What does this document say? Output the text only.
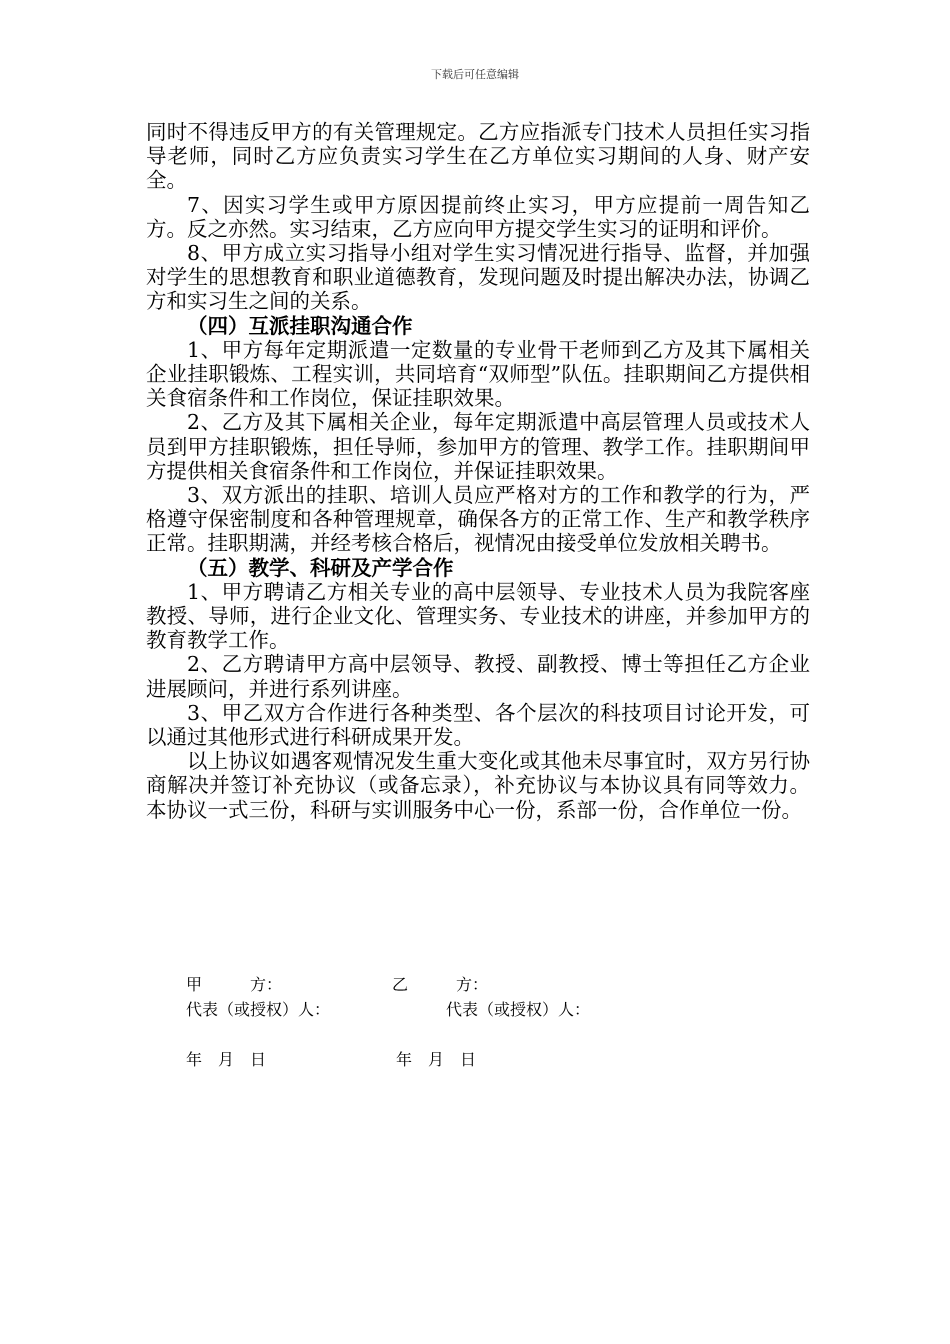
下载后可任意编辑

同时不得违反甲方的有关管理规定。乙方应指派专门技术人员担任实习指导老师，同时乙方应负责实习学生在乙方单位实习期间的人身、财产安全。

7、因实习学生或甲方原因提前终止实习，甲方应提前一周告知乙方。反之亦然。实习结束，乙方应向甲方提交学生实习的证明和评价。

8、甲方成立实习指导小组对学生实习情况进行指导、监督，并加强对学生的思想教育和职业道德教育，发现问题及时提出解决办法，协调乙方和实习生之间的关系。

（四）互派挂职沟通合作

1、甲方每年定期派遣一定数量的专业骨干老师到乙方及其下属相关企业挂职锻炼、工程实训，共同培育“双师型”队伍。挂职期间乙方提供相关食宿条件和工作岗位，保证挂职效果。

2、乙方及其下属相关企业，每年定期派遣中高层管理人员或技术人员到甲方挂职锻炼，担任导师，参加甲方的管理、教学工作。挂职期间甲方提供相关食宿条件和工作岗位，并保证挂职效果。

3、双方派出的挂职、培训人员应严格对方的工作和教学的行为，严格遵守保密制度和各种管理规章，确保各方的正常工作、生产和教学秩序正常。挂职期满，并经考核合格后，视情况由接受单位发放相关聘书。

（五）教学、科研及产学合作

1、甲方聘请乙方相关专业的高中层领导、专业技术人员为我院客座教授、导师，进行企业文化、管理实务、专业技术的讲座，并参加甲方的教育教学工作。

2、乙方聘请甲方高中层领导、教授、副教授、博士等担任乙方企业进展顾问，并进行系列讲座。

3、甲乙双方合作进行各种类型、各个层次的科技项目讨论开发，可以通过其他形式进行科研成果开发。

以上协议如遇客观情况发生重大变化或其他未尽事宜时，双方另行协商解决并签订补充协议（或备忘录），补充协议与本协议具有同等效力。本协议一式三份，科研与实训服务中心一份，系部一份，合作单位一份。

甲　　　方：	乙　　　方：
代表（或授权）人：	代表（或授权）人：
年　月　日	年　月　日
